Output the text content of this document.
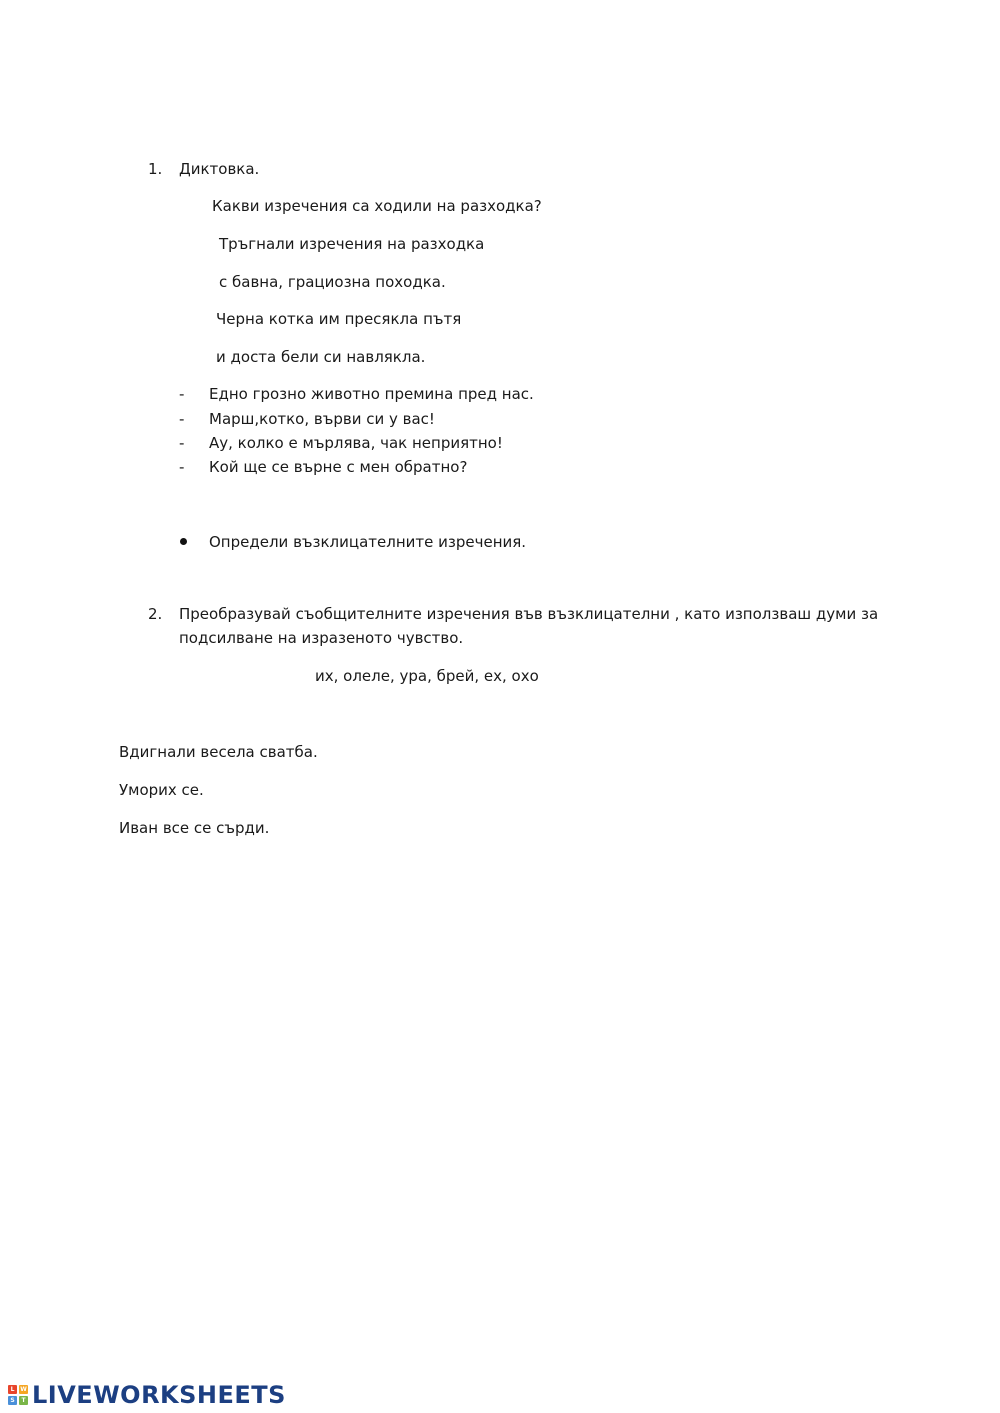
1. Диктовка.
Какви изречения са ходили на разходка?
Тръгнали изречения на разходка
с бавна, грациозна походка.
Черна котка им пресякла пътя
и доста бели си навлякла.
- Едно грозно животно премина пред нас.
- Марш,котко, върви си у вас!
- Ау, колко е мърлява, чак неприятно!
- Кой ще се върне с мен обратно?
Определи възклицателните изречения.
2. Преобразувай съобщителните изречения във възклицателни , като използваш думи за подсилване на изразеното чувство.
их, олеле, ура, брей, ех, охо
Вдигнали весела сватба.
Уморих се.
Иван все се сърди.
L W
S	T LIVEWORKSHEETS
